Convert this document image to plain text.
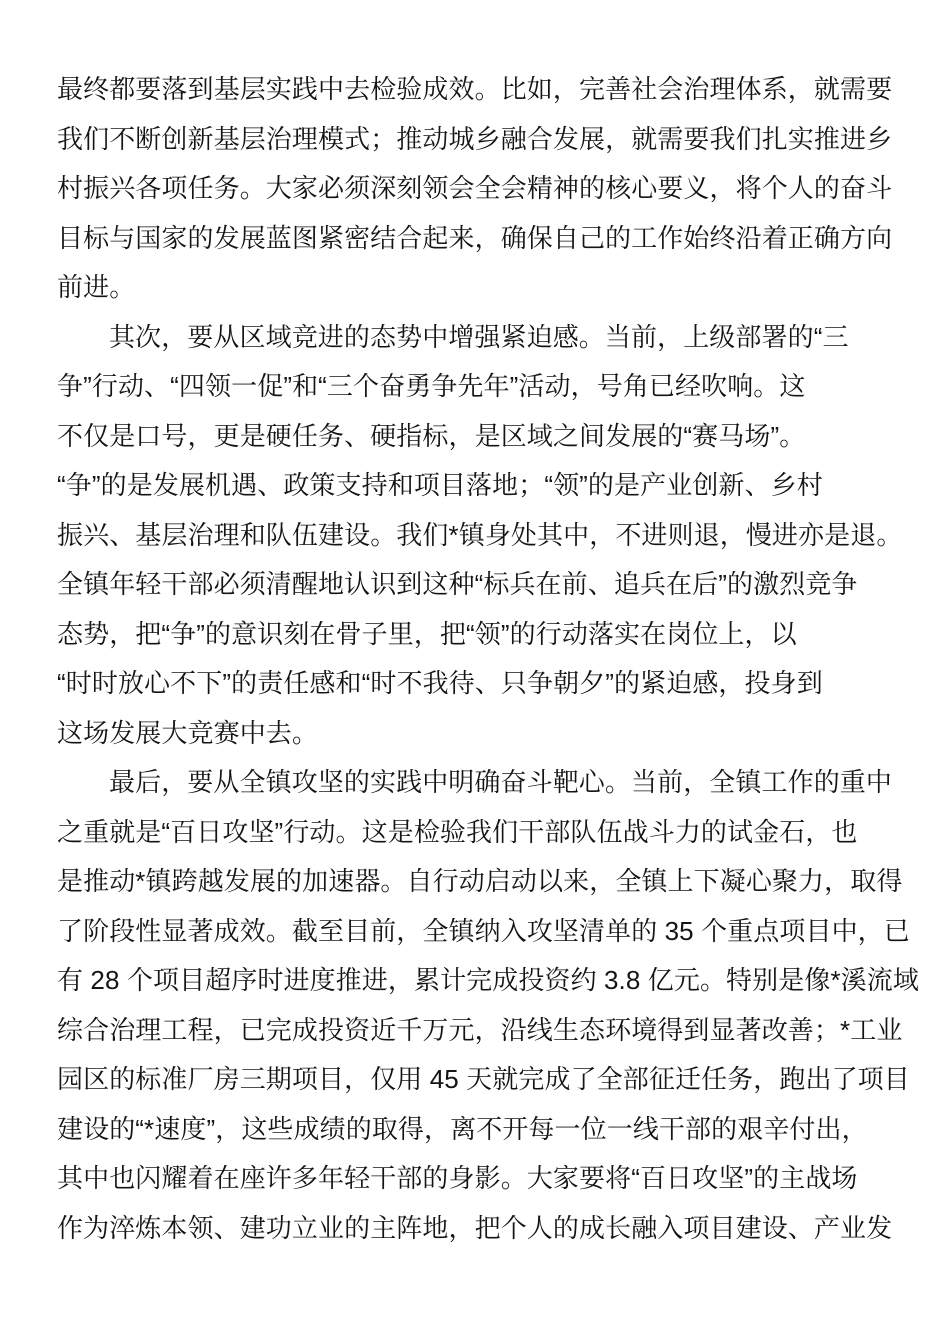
最终都要落到基层实践中去检验成效。比如，完善社会治理体系，就需要
我们不断创新基层治理模式；推动城乡融合发展，就需要我们扎实推进乡
村振兴各项任务。大家必须深刻领会全会精神的核心要义，将个人的奋斗
目标与国家的发展蓝图紧密结合起来，确保自己的工作始终沿着正确方向
前进。
其次，要从区域竞进的态势中增强紧迫感。当前，上级部署的“三
争”行动、“四领一促”和“三个奋勇争先年”活动，号角已经吹响。这
不仅是口号，更是硬任务、硬指标，是区域之间发展的“赛马场”。
“争”的是发展机遇、政策支持和项目落地；“领”的是产业创新、乡村
振兴、基层治理和队伍建设。我们*镇身处其中，不进则退，慢进亦是退。
全镇年轻干部必须清醒地认识到这种“标兵在前、追兵在后”的激烈竞争
态势，把“争”的意识刻在骨子里，把“领”的行动落实在岗位上，以
“时时放心不下”的责任感和“时不我待、只争朝夕”的紧迫感，投身到
这场发展大竞赛中去。
最后，要从全镇攻坚的实践中明确奋斗靶心。当前，全镇工作的重中
之重就是“百日攻坚”行动。这是检验我们干部队伍战斗力的试金石，也
是推动*镇跨越发展的加速器。自行动启动以来，全镇上下凝心聚力，取得
了阶段性显著成效。截至目前，全镇纳入攻坚清单的 35 个重点项目中，已
有 28 个项目超序时进度推进，累计完成投资约 3.8 亿元。特别是像*溪流域
综合治理工程，已完成投资近千万元，沿线生态环境得到显著改善；*工业
园区的标准厂房三期项目，仅用 45 天就完成了全部征迁任务，跑出了项目
建设的“*速度”，这些成绩的取得，离不开每一位一线干部的艰辛付出，
其中也闪耀着在座许多年轻干部的身影。大家要将“百日攻坚”的主战场
作为淬炼本领、建功立业的主阵地，把个人的成长融入项目建设、产业发
